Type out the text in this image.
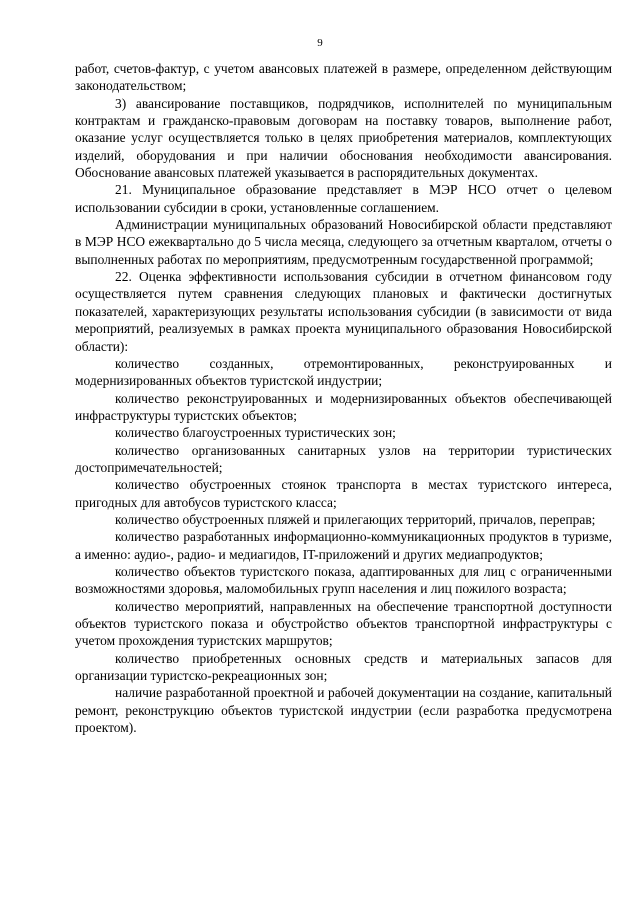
9

работ, счетов-фактур, с учетом авансовых платежей в размере, определенном действующим законодательством;

3) авансирование поставщиков, подрядчиков, исполнителей по муниципальным контрактам и гражданско-правовым договорам на поставку товаров, выполнение работ, оказание услуг осуществляется только в целях приобретения материалов, комплектующих изделий, оборудования и при наличии обоснования необходимости авансирования. Обоснование авансовых платежей указывается в распорядительных документах.

21. Муниципальное образование представляет в МЭР НСО отчет о целевом использовании субсидии в сроки, установленные соглашением.

Администрации муниципальных образований Новосибирской области представляют в МЭР НСО ежеквартально до 5 числа месяца, следующего за отчетным кварталом, отчеты о выполненных работах по мероприятиям, предусмотренным государственной программой;

22. Оценка эффективности использования субсидии в отчетном финансовом году осуществляется путем сравнения следующих плановых и фактически достигнутых показателей, характеризующих результаты использования субсидии (в зависимости от вида мероприятий, реализуемых в рамках проекта муниципального образования Новосибирской области):

количество созданных, отремонтированных, реконструированных и модернизированных объектов туристской индустрии;

количество реконструированных и модернизированных объектов обеспечивающей инфраструктуры туристских объектов;

количество благоустроенных туристических зон;

количество организованных санитарных узлов на территории туристических достопримечательностей;

количество обустроенных стоянок транспорта в местах туристского интереса, пригодных для автобусов туристского класса;

количество обустроенных пляжей и прилегающих территорий, причалов, переправ;

количество разработанных информационно-коммуникационных продуктов в туризме, а именно: аудио-, радио- и медиагидов, IT-приложений и других медиапродуктов;

количество объектов туристского показа, адаптированных для лиц с ограниченными возможностями здоровья, маломобильных групп населения и лиц пожилого возраста;

количество мероприятий, направленных на обеспечение транспортной доступности объектов туристского показа и обустройство объектов транспортной инфраструктуры с учетом прохождения туристских маршрутов;

количество приобретенных основных средств и материальных запасов для организации туристско-рекреационных зон;

наличие разработанной проектной и рабочей документации на создание, капитальный ремонт, реконструкцию объектов туристской индустрии (если разработка предусмотрена проектом).
